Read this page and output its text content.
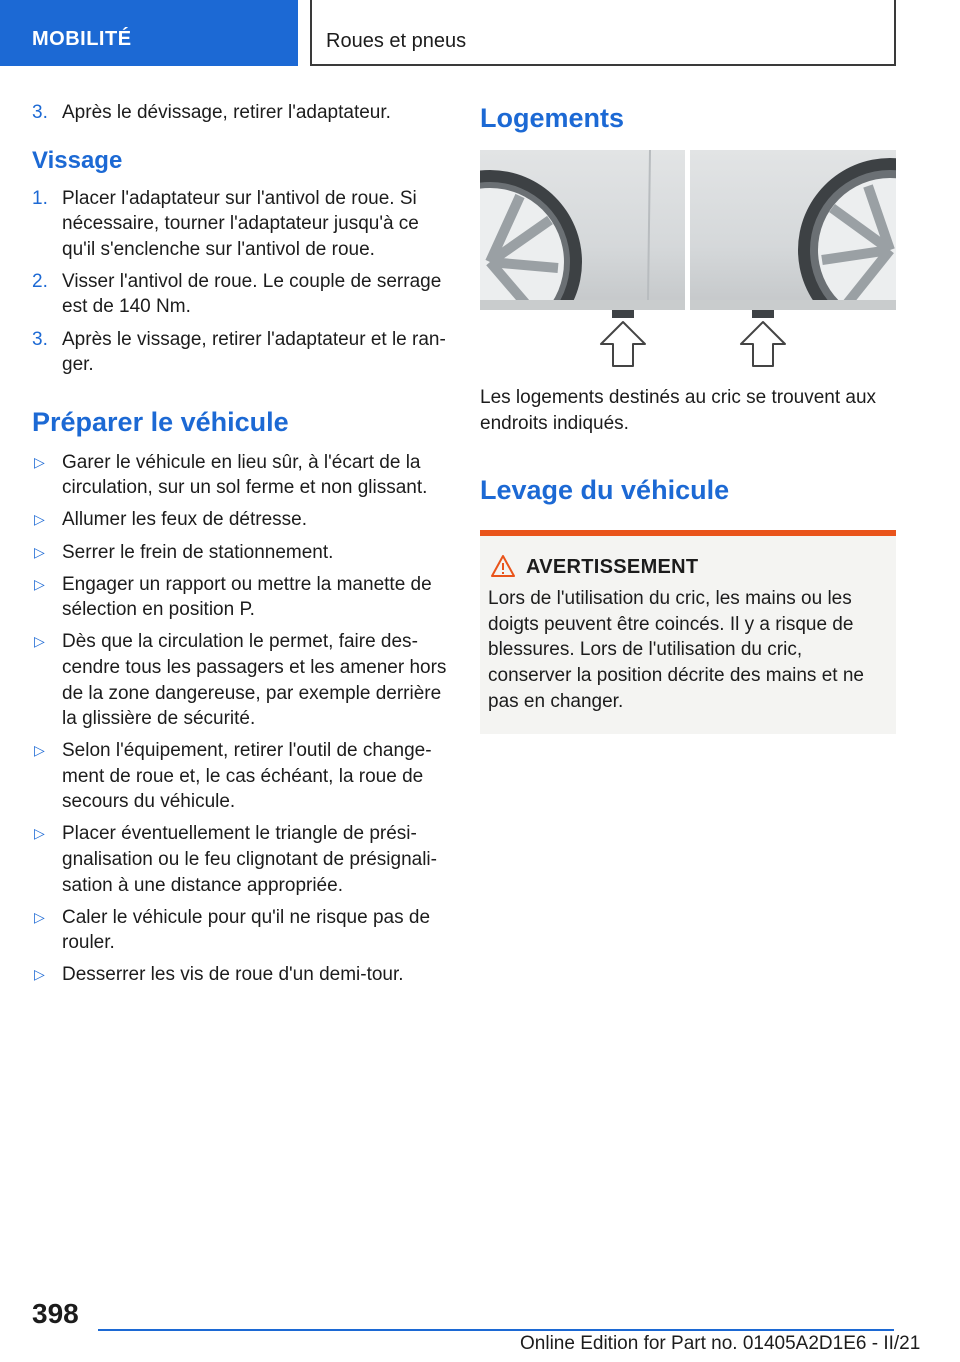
MOBILITÉ	Roues et pneus
3. Après le dévissage, retirer l'adaptateur.
Vissage
1. Placer l'adaptateur sur l'antivol de roue. Si nécessaire, tourner l'adaptateur jusqu'à ce qu'il s'enclenche sur l'antivol de roue.
2. Visser l'antivol de roue. Le couple de serrage est de 140 Nm.
3. Après le vissage, retirer l'adaptateur et le ranger.
Préparer le véhicule
▷ Garer le véhicule en lieu sûr, à l'écart de la circulation, sur un sol ferme et non glissant.
▷ Allumer les feux de détresse.
▷ Serrer le frein de stationnement.
▷ Engager un rapport ou mettre la manette de sélection en position P.
▷ Dès que la circulation le permet, faire descendre tous les passagers et les amener hors de la zone dangereuse, par exemple derrière la glissière de sécurité.
▷ Selon l'équipement, retirer l'outil de changement de roue et, le cas échéant, la roue de secours du véhicule.
▷ Placer éventuellement le triangle de présignalisation ou le feu clignotant de présignalisation à une distance appropriée.
▷ Caler le véhicule pour qu'il ne risque pas de rouler.
▷ Desserrer les vis de roue d'un demi-tour.
Logements
Les logements destinés au cric se trouvent aux endroits indiqués.
Levage du véhicule
AVERTISSEMENT
Lors de l'utilisation du cric, les mains ou les doigts peuvent être coincés. Il y a risque de blessures. Lors de l'utilisation du cric, conserver la position décrite des mains et ne pas en changer.
398
Online Edition for Part no. 01405A2D1E6 - II/21
